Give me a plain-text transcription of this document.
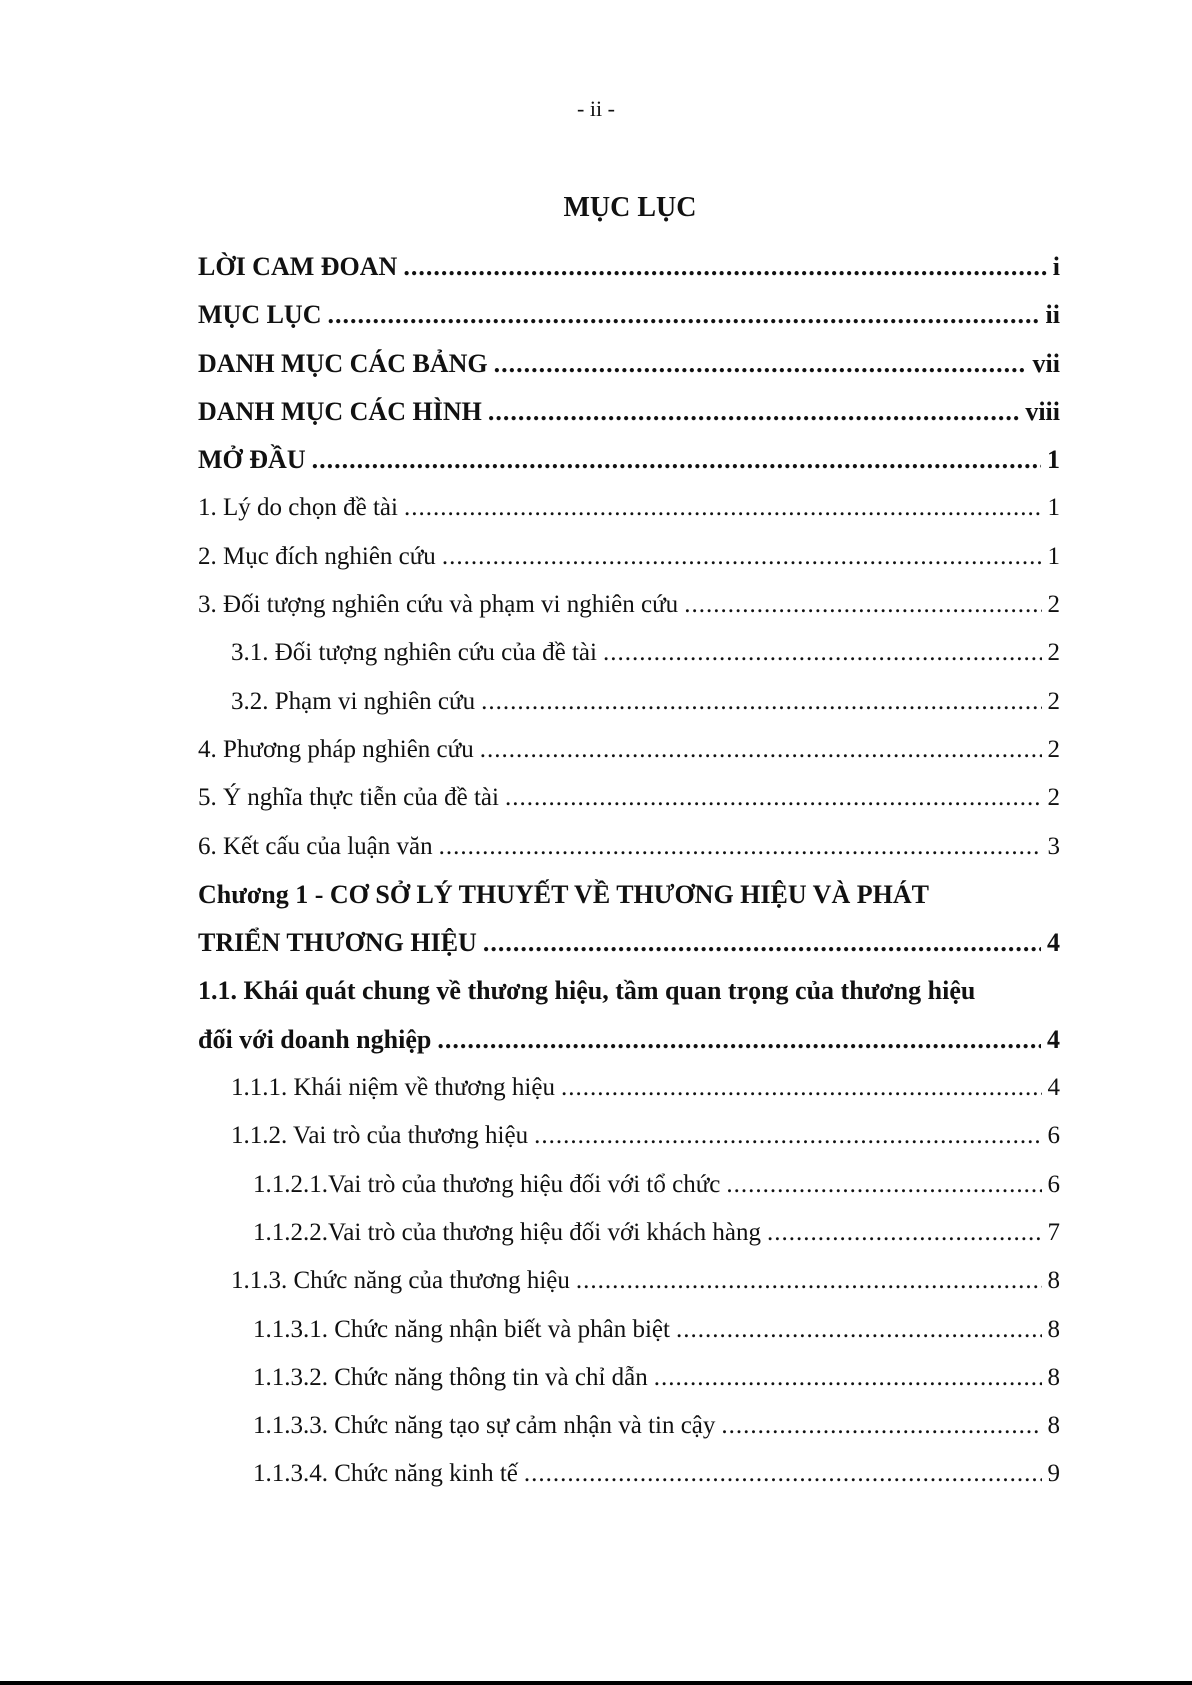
- ii -
MỤC LỤC
LỜI CAM ĐOAN .....	i
MỤC LỤC .....	ii
DANH MỤC CÁC BẢNG .....	vii
DANH MỤC CÁC HÌNH .....	viii
MỞ ĐẦU .....	1
1. Lý do chọn đề tài .....	1
2. Mục đích nghiên cứu .....	1
3. Đối tượng nghiên cứu và phạm vi nghiên cứu .....	2
3.1. Đối tượng nghiên cứu của đề tài .....	2
3.2. Phạm vi nghiên cứu .....	2
4. Phương pháp nghiên cứu .....	2
5. Ý nghĩa thực tiễn của đề tài .....	2
6. Kết cấu của luận văn .....	3
Chương 1 - CƠ SỞ LÝ THUYẾT VỀ THƯƠNG HIỆU VÀ PHÁT
TRIỂN THƯƠNG HIỆU .....	4
1.1. Khái quát chung về thương hiệu, tầm quan trọng của thương hiệu
đối với doanh nghiệp .....	4
1.1.1. Khái niệm về thương hiệu .....	4
1.1.2. Vai trò của thương hiệu .....	6
1.1.2.1.Vai trò của thương hiệu đối với tổ chức .....	6
1.1.2.2.Vai trò của thương hiệu đối với khách hàng .....	7
1.1.3. Chức năng của thương hiệu .....	8
1.1.3.1. Chức năng nhận biết và phân biệt .....	8
1.1.3.2. Chức năng thông tin và chỉ dẫn .....	8
1.1.3.3. Chức năng tạo sự cảm nhận và tin cậy .....	8
1.1.3.4. Chức năng kinh tế .....	9
